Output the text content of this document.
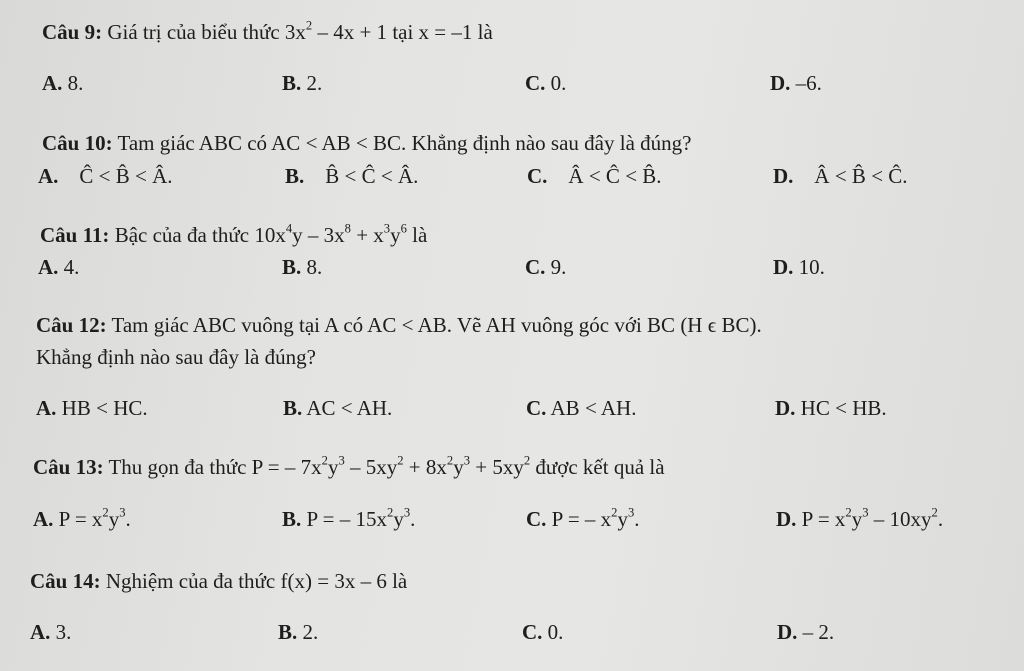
Câu 9: Giá trị của biểu thức $3x^2 - 4x + 1$ tại x = –1 là
A. 8.	B. 2.	C. 0.	D. –6.
Câu 10: Tam giác ABC có AC < AB < BC. Khẳng định nào sau đây là đúng?
A. Ĉ < B̂ < Â.	B. B̂ < Ĉ < Â.	C. Â < Ĉ < B̂.	D. Â < B̂ < Ĉ.
Câu 11: Bậc của đa thức $10x^4y - 3x^8 + x^3y^6$ là
A. 4.	B. 8.	C. 9.	D. 10.
Câu 12: Tam giác ABC vuông tại A có AC < AB. Vẽ AH vuông góc với BC (H ϵ BC).
Khẳng định nào sau đây là đúng?
A. HB < HC.	B. AC < AH.	C. AB < AH.	D. HC < HB.
Câu 13: Thu gọn đa thức P = – $7x^2y^3 - 5xy^2 + 8x^2y^3 + 5xy^2$ được kết quả là
A. $P = x^2y^3$.	B. P = – $15x^2y^3$.	C. P = – $x^2y^3$.	D. $P = x^2y^3 - 10xy^2$.
Câu 14: Nghiệm của đa thức f(x) = 3x – 6 là
A. 3.	B. 2.	C. 0.	D. – 2.
